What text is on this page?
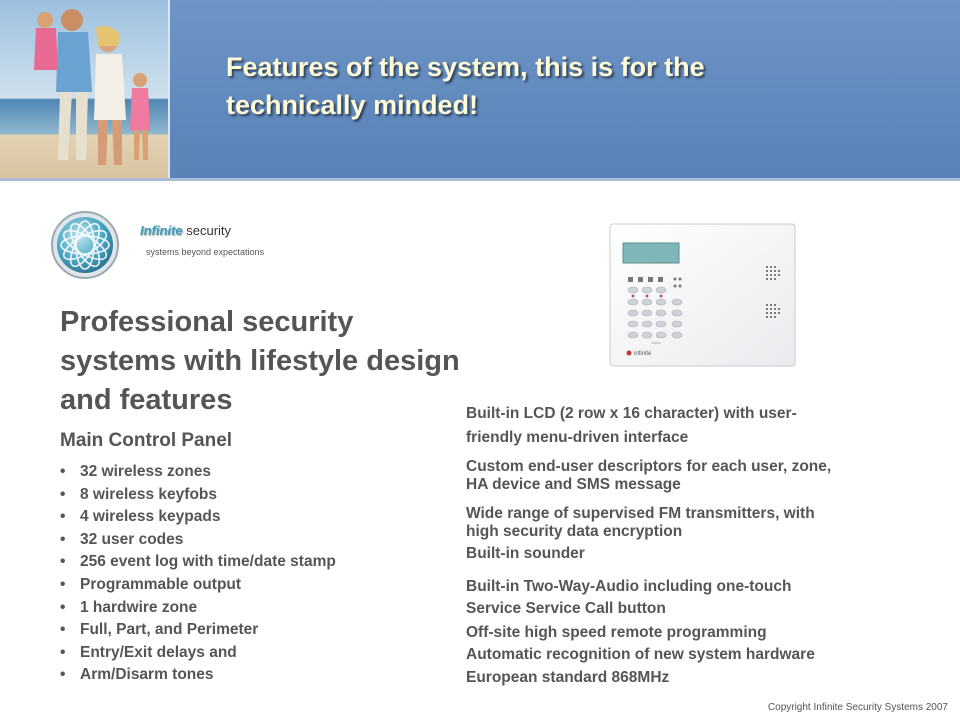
Features of the system, this is for the
technically minded!
Infinite security
systems beyond expectations
infinite
Professional security
systems with lifestyle design
and features
Main Control Panel
• 32 wireless zones
• 8 wireless keyfobs
• 4 wireless keypads
• 32 user codes
• 256 event log with time/date stamp
• Programmable output
• 1 hardwire zone
• Full, Part, and Perimeter
• Entry/Exit delays and
• Arm/Disarm tones
Built-in LCD (2 row x 16 character) with user-
friendly menu-driven interface
Custom end-user descriptors for each user, zone,
HA device and SMS message
Wide range of supervised FM transmitters, with
high security data encryption
Built-in sounder
Built-in Two-Way-Audio including one-touch
Service Service Call button
Off-site high speed remote programming
Automatic recognition of new system hardware
European standard 868MHz
Copyright Infinite Security Systems 2007
